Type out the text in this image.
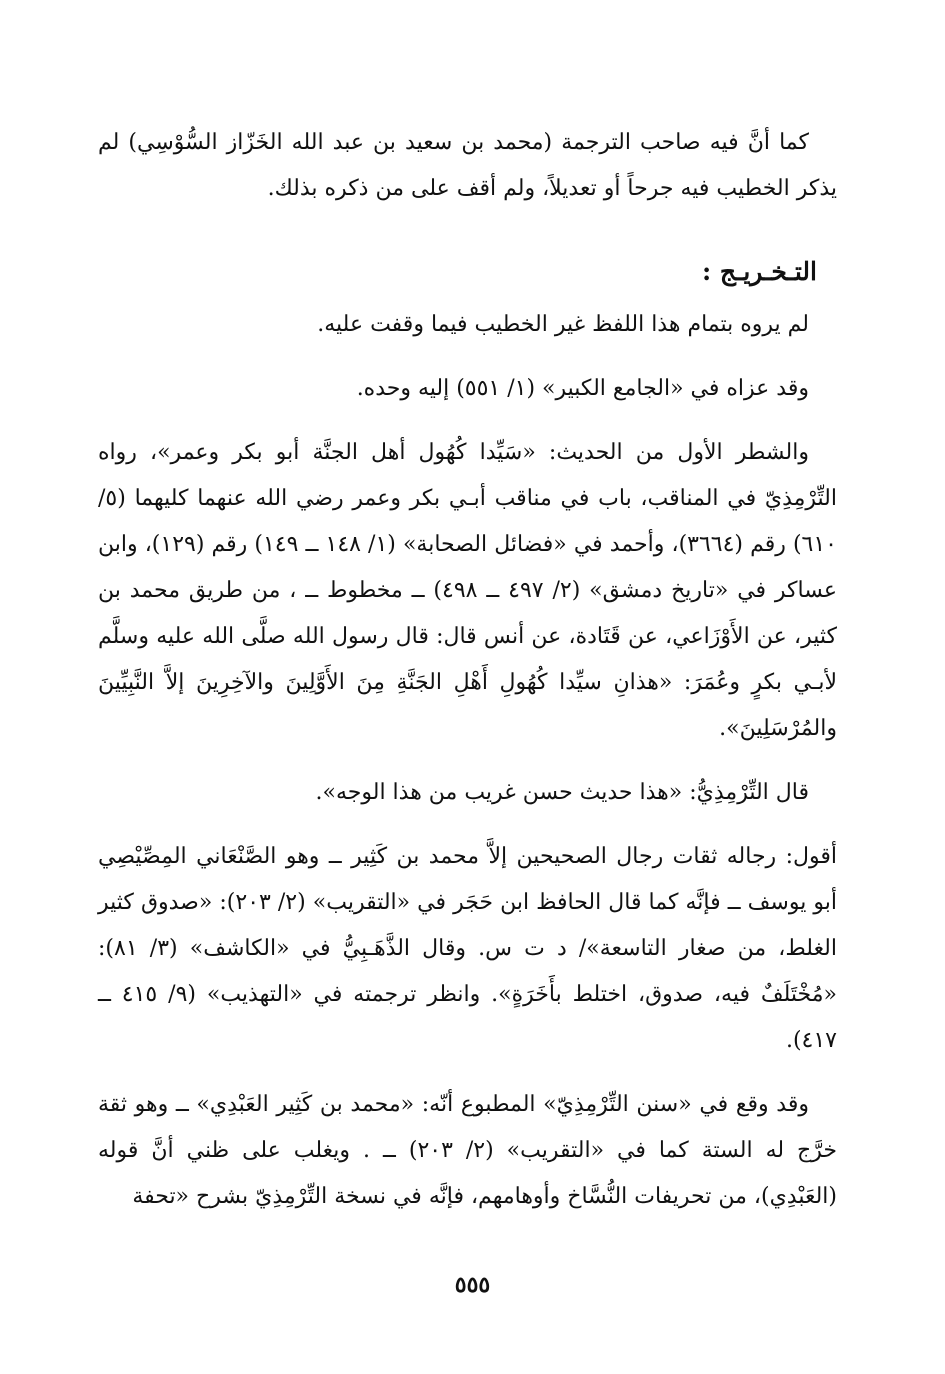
كما أنَّ فيه صاحب الترجمة (محمد بن سعيد بن عبد الله الخَزّاز السُّوْسِي) لم يذكر الخطيب فيه جرحاً أو تعديلاً، ولم أقف على من ذكره بذلك.

التـخـريـج :

لم يروه بتمام هذا اللفظ غير الخطيب فيما وقفت عليه.

وقد عزاه في «الجامع الكبير» (١/ ٥٥١) إليه وحده.

والشطر الأول من الحديث: «سَيِّدا كُهُول أهل الجنَّة أبو بكر وعمر»، رواه التِّرْمِذِيّ في المناقب، باب في مناقب أبـي بكر وعمر رضي الله عنهما كليهما (٥/ ٦١٠) رقم (٣٦٦٤)، وأحمد في «فضائل الصحابة» (١/ ١٤٨ ــ ١٤٩) رقم (١٢٩)، وابن عساكر في «تاريخ دمشق» (٢/ ٤٩٧ ــ ٤٩٨) ــ مخطوط ــ ، من طريق محمد بن كثير، عن الأَوْزَاعي، عن قَتَادة، عن أنس قال: قال رسول الله صلَّى الله عليه وسلَّم لأبـي بكرٍ وعُمَرَ: «هذانِ سيِّدا كُهُولِ أَهْلِ الجَنَّةِ مِنَ الأَوَّلِينَ والآخِرِينَ إلاَّ النَّبِيِّينَ والمُرْسَلِينَ».

قال التِّرْمِذِيُّ: «هذا حديث حسن غريب من هذا الوجه».

أقول: رجاله ثقات رجال الصحيحين إلاَّ محمد بن كَثِير ــ وهو الصَّنْعَاني المِصِّيْصِي أبو يوسف ــ فإنَّه كما قال الحافظ ابن حَجَر في «التقريب» (٢/ ٢٠٣): «صدوق كثير الغلط، من صغار التاسعة»/ د ت س. وقال الذَّهَـبِيُّ في «الكاشف» (٣/ ٨١): «مُخْتَلَفٌ فيه، صدوق، اختلط بأَخَرَةٍ». وانظر ترجمته في «التهذيب» (٩/ ٤١٥ ــ ٤١٧).

وقد وقع في «سنن التِّرْمِذِيّ» المطبوع أنّه: «محمد بن كَثِير العَبْدِي» ــ وهو ثقة خرَّج له الستة كما في «التقريب» (٢/ ٢٠٣) ــ . ويغلب على ظني أنَّ قوله (العَبْدِي)، من تحريفات النُّسَّاخ وأوهامهم، فإنَّه في نسخة التِّرْمِذِيّ بشرح «تحفة

٥٥٥
